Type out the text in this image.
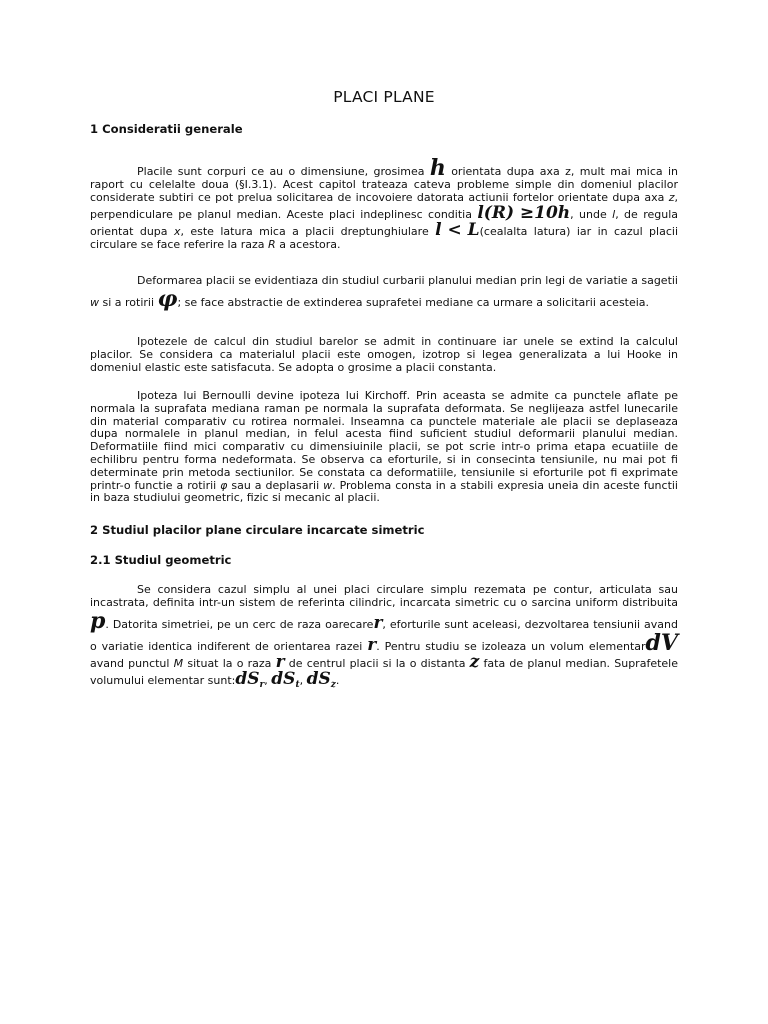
PLACI PLANE
1 Consideratii generale
Placile sunt corpuri ce au o dimensiune, grosimea h orientata dupa axa z, mult mai mica in raport cu celelalte doua (§I.3.1). Acest capitol trateaza cateva probleme simple din domeniul placilor considerate subtiri ce pot prelua solicitarea de incovoiere datorata actiunii fortelor orientate dupa axa z, perpendiculare pe planul median. Aceste placi indeplinesc conditia l(R) ≥10h, unde l, de regula orientat dupa x, este latura mica a placii dreptunghiulare l < L(cealalta latura) iar in cazul placii circulare se face referire la raza R a acestora.
Deformarea placii se evidentiaza din studiul curbarii planului median prin legi de variatie a sagetii w si a rotirii φ; se face abstractie de extinderea suprafetei mediane ca urmare a solicitarii acesteia.
Ipotezele de calcul din studiul barelor se admit in continuare iar unele se extind la calculul placilor. Se considera ca materialul placii este omogen, izotrop si legea generalizata a lui Hooke in domeniul elastic este satisfacuta. Se adopta o grosime a placii constanta.
Ipoteza lui Bernoulli devine ipoteza lui Kirchoff. Prin aceasta se admite ca punctele aflate pe normala la suprafata mediana raman pe normala la suprafata deformata. Se neglijeaza astfel lunecarile din material comparativ cu rotirea normalei. Inseamna ca punctele materiale ale placii se deplaseaza dupa normalele in planul median, in felul acesta fiind suficient studiul deformarii planului median. Deformatiile fiind mici comparativ cu dimensiuinile placii, se pot scrie intr-o prima etapa ecuatiile de echilibru pentru forma nedeformata. Se observa ca eforturile, si in consecinta tensiunile, nu mai pot fi determinate prin metoda sectiunilor. Se constata ca deformatiile, tensiunile si eforturile pot fi exprimate printr-o functie a rotirii φ sau a deplasarii w. Problema consta in a stabili expresia uneia din aceste functii in baza studiului geometric, fizic si mecanic al placii.
2 Studiul placilor plane circulare incarcate simetric
2.1 Studiul geometric
Se considera cazul simplu al unei placi circulare simplu rezemata pe contur, articulata sau incastrata, definita intr-un sistem de referinta cilindric, incarcata simetric cu o sarcina uniform distribuitap. Datorita simetriei, pe un cerc de raza oarecarer, eforturile sunt aceleasi, dezvoltarea tensiunii avand o variatie identica indiferent de orientarea razei r. Pentru studiu se izoleaza un volum elementardV avand punctul M situat la o raza r de centrul placii si la o distanta z fata de planul median. Suprafetele volumului elementar sunt:dSr, dSt, dSz.
